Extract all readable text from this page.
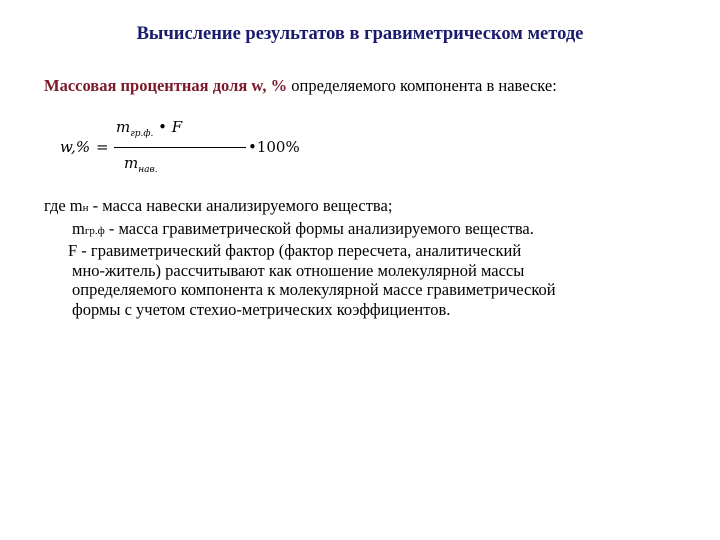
Вычисление результатов в гравиметрическом методе
Массовая процентная доля w, % определяемого компонента в навеске:
w,% =
$m_{гр.ф.}$ • F
$m_{нав.}$
•100%
где mн - масса навески анализируемого вещества;
mгр.ф - масса гравиметрической формы анализируемого вещества.
F - гравиметрический фактор (фактор пересчета, аналитический
мно-житель) рассчитывают как отношение молекулярной массы
определяемого компонента к молекулярной массе гравиметрической
формы с учетом стехио-метрических коэффициентов.
